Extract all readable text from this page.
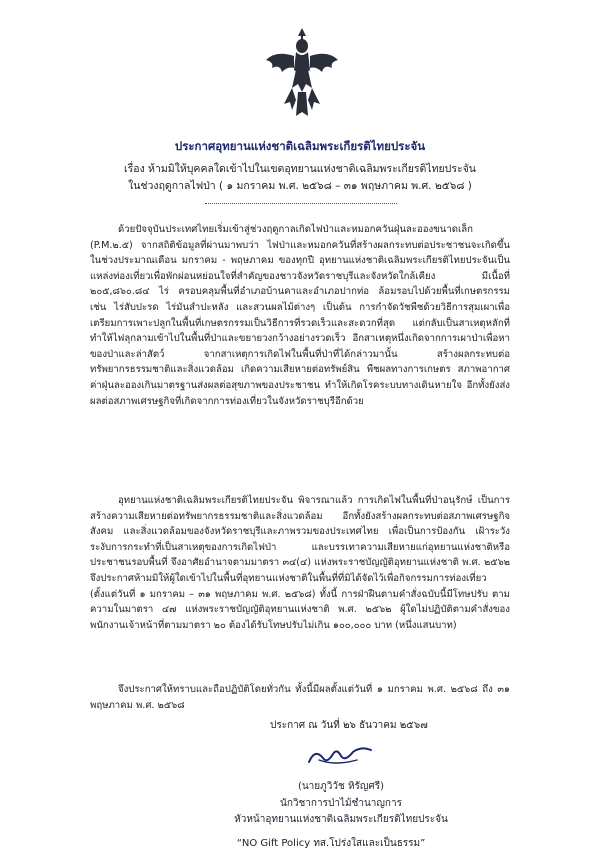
ประกาศอุทยานแห่งชาติเฉลิมพระเกียรติไทยประจัน
เรื่อง ห้ามมิให้บุคคลใดเข้าไปในเขตอุทยานแห่งชาติเฉลิมพระเกียรติไทยประจัน
ในช่วงฤดูกาลไฟป่า ( ๑ มกราคม พ.ศ. ๒๕๖๘ – ๓๑ พฤษภาคม พ.ศ. ๒๕๖๘ )
ด้วยปัจจุบันประเทศไทยเริ่มเข้าสู่ช่วงฤดูกาลเกิดไฟป่าและหมอกควันฝุ่นละอองขนาดเล็ก (P.M.๒.๕) จากสถิติข้อมูลที่ผ่านมาพบว่า ไฟป่าและหมอกควันที่สร้างผลกระทบต่อประชาชนจะเกิดขึ้นในช่วงประมาณเดือน มกราคม - พฤษภาคม ของทุกปี อุทยานแห่งชาติเฉลิมพระเกียรติไทยประจันเป็นแหล่งท่องเที่ยวเพื่อพักผ่อนหย่อนใจที่สำคัญของชาวจังหวัดราชบุรีและจังหวัดใกล้เคียง มีเนื้อที่ ๒๐๕,๘๖๐.๘๔ ไร่ ครอบคลุมพื้นที่อำเภอบ้านคาและอำเภอปากท่อ ล้อมรอบไปด้วยพื้นที่เกษตรกรรม เช่น ไร่สับปะรด ไร่มันสำปะหลัง และสวนผลไม้ต่างๆ เป็นต้น การกำจัดวัชพืชด้วยวิธีการสุมเผาเพื่อเตรียมการเพาะปลูกในพื้นที่เกษตรกรรมเป็นวิธีการที่รวดเร็วและสะดวกที่สุด แต่กลับเป็นสาเหตุหลักที่ทำให้ไฟลุกลามเข้าไปในพื้นที่ป่าและขยายวงกว้างอย่างรวดเร็ว อีกสาเหตุหนึ่งเกิดจากการเผาป่าเพื่อหาของป่าและล่าสัตว์ จากสาเหตุการเกิดไฟในพื้นที่ป่าที่ได้กล่าวมานั้น สร้างผลกระทบต่อทรัพยากรธรรมชาติและสิ่งแวดล้อม เกิดความเสียหายต่อทรัพย์สิน พืชผลทางการเกษตร สภาพอากาศ ค่าฝุ่นละอองเกินมาตรฐานส่งผลต่อสุขภาพของประชาชน ทำให้เกิดโรคระบบทางเดินหายใจ อีกทั้งยังส่งผลต่อสภาพเศรษฐกิจที่เกิดจากการท่องเที่ยวในจังหวัดราชบุรีอีกด้วย
อุทยานแห่งชาติเฉลิมพระเกียรติไทยประจัน พิจารณาแล้ว การเกิดไฟในพื้นที่ป่าอนุรักษ์ เป็นการสร้างความเสียหายต่อทรัพยากรธรรมชาติและสิ่งแวดล้อม อีกทั้งยังสร้างผลกระทบต่อสภาพเศรษฐกิจ สังคม และสิ่งแวดล้อมของจังหวัดราชบุรีและภาพรวมของประเทศไทย เพื่อเป็นการป้องกัน เฝ้าระวัง ระงับการกระทำที่เป็นสาเหตุของการเกิดไฟป่า และบรรเทาความเสียหายแก่อุทยานแห่งชาติหรือประชาชนรอบพื้นที่ จึงอาศัยอำนาจตามมาตรา ๓๔(๔) แห่งพระราชบัญญัติอุทยานแห่งชาติ พ.ศ. ๒๕๖๒ จึงประกาศห้ามมิให้ผู้ใดเข้าไปในพื้นที่อุทยานแห่งชาติในพื้นที่ที่มิได้จัดไว้เพื่อกิจกรรมการท่องเที่ยว (ตั้งแต่วันที่ ๑ มกราคม – ๓๑ พฤษภาคม พ.ศ. ๒๕๖๘) ทั้งนี้ การฝ่าฝืนตามคำสั่งฉบับนี้มีโทษปรับ ตามความในมาตรา ๔๗ แห่งพระราชบัญญัติอุทยานแห่งชาติ พ.ศ. ๒๕๖๒ ผู้ใดไม่ปฏิบัติตามคำสั่งของพนักงานเจ้าหน้าที่ตามมาตรา ๒๐ ต้องได้รับโทษปรับไม่เกิน ๑๐๐,๐๐๐ บาท (หนึ่งแสนบาท)
จึงประกาศให้ทราบและถือปฏิบัติโดยทั่วกัน ทั้งนี้มีผลตั้งแต่วันที่ ๑ มกราคม พ.ศ. ๒๕๖๘ ถึง ๓๑ พฤษภาคม พ.ศ. ๒๕๖๘
ประกาศ ณ วันที่ ๒๖ ธันวาคม ๒๕๖๗
(นายภูวิวัช หิรัญศรี)
นักวิชาการป่าไม้ชำนาญการ
หัวหน้าอุทยานแห่งชาติเฉลิมพระเกียรติไทยประจัน
“NO Gift Policy ทส.โปร่งใสและเป็นธรรม”
